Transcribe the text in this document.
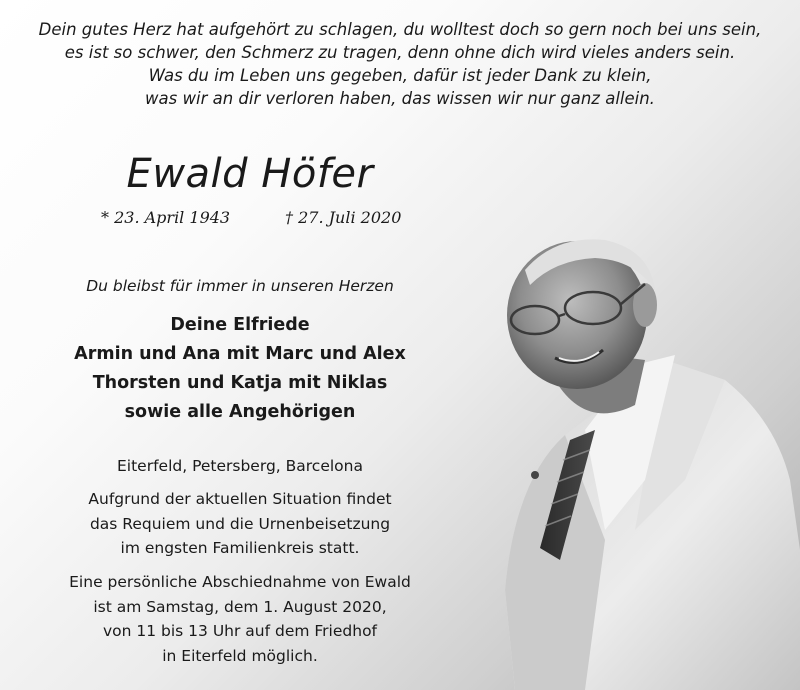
Dein gutes Herz hat aufgehört zu schlagen, du wolltest doch so gern noch bei uns sein,
es ist so schwer, den Schmerz zu tragen, denn ohne dich wird vieles anders sein.
Was du im Leben uns gegeben, dafür ist jeder Dank zu klein,
was wir an dir verloren haben, das wissen wir nur ganz allein.
Ewald Höfer
* 23. April 1943	† 27. Juli 2020
Du bleibst für immer in unseren Herzen
Deine Elfriede
Armin und Ana mit Marc und Alex
Thorsten und Katja mit Niklas
sowie alle Angehörigen
Eiterfeld, Petersberg, Barcelona
Aufgrund der aktuellen Situation findet
das Requiem und die Urnenbeisetzung
im engsten Familienkreis statt.
Eine persönliche Abschiednahme von Ewald
ist am Samstag, dem 1. August 2020,
von 11 bis 13 Uhr auf dem Friedhof
in Eiterfeld möglich.
